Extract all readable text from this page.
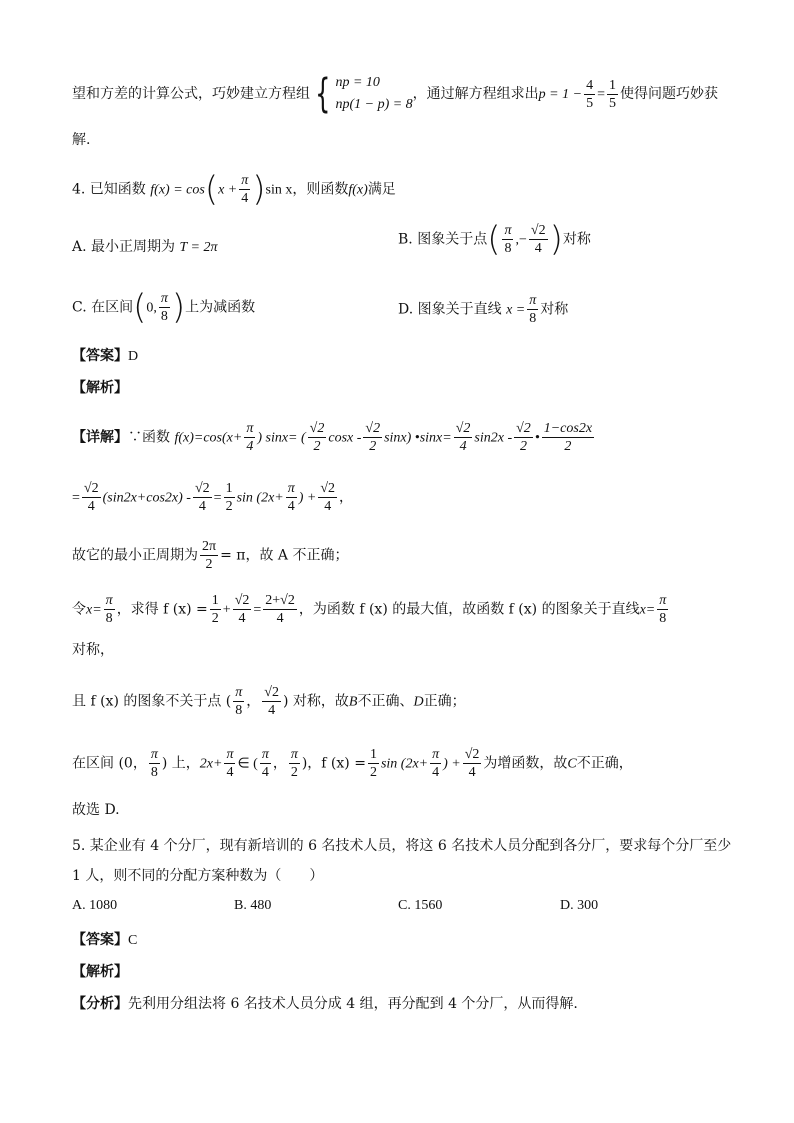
望和方差的计算公式，巧妙建立方程组 { np = 10
np(1 − p) = 8
，通过解方程组求出$p = 1 - \frac{4}{5} = \frac{1}{5}$ 使得问题巧妙获
解.
4. 已知函数 $f(x) = \cos(x + \frac{\pi}{4} )\sin$ x，则函数f(x)满足
A. 最小正周期为 T = 2π	B. 图象关于点( $\frac{\pi}{8}$ ,− $\frac{√2}{4}$ )对称
C. 在区间(0, $\frac{\pi}{8}$ )上为减函数	D. 图象关于直线 $x = \frac{\pi}{8}$ 对称
【答案】D
【解析】
【详解】∵函数 $f(x)=\cos(x+ \frac{\pi}{4}$ ) sinx= ( $\frac{√2}{2}$ cosx - $\frac{√2}{2} \sin x$) •sinx= $\frac{√2}{4} \sin 2x - \frac{√2}{2}$ • $\frac{1-\cos 2x}{2}$
= $\frac{√2}{4} (\sin 2x+\cos 2x) - \frac{√2}{4} = \frac{1}{2}$ $\sin (2x+ \frac{\pi}{4}$ ) + $\frac{√2}{4}$ ，
故它的最小正周期为 $\frac{2\pi}{2} = \pi$，故 A 不正确；
令$x= \frac{\pi}{8}$ ，求得 f $(x) = \frac{1}{2} + \frac{√2}{4} = \frac{2+√2}{4}$ ，为函数 f (x) 的最大值，故函数 f (x) 的图象关于直线$x= \frac{\pi}{8}$
对称，
且 f (x) 的图象不关于点 ( $\frac{\pi}{8}$ ， $\frac{√2}{4}$ ) 对称，故B不正确、D正确；
在区间 (0， $\frac{\pi}{8}$ ) 上，$2x+ \frac{\pi}{4}$ ∈ ( $\frac{\pi}{4}$ ， $\frac{\pi}{2}$ )，f $(x) = \frac{1}{2}$ $\sin (2x+ \frac{\pi}{4}$ ) + $\frac{√2}{4}$ 为增函数，故C不正确，
故选 D.
5. 某企业有 4 个分厂，现有新培训的 6 名技术人员，将这 6 名技术人员分配到各分厂，要求每个分厂至少
1 人，则不同的分配方案种数为（　　）
A. 1080	B. 480	C. 1560	D. 300
【答案】C
【解析】
【分析】先利用分组法将 6 名技术人员分成 4 组，再分配到 4 个分厂，从而得解.
